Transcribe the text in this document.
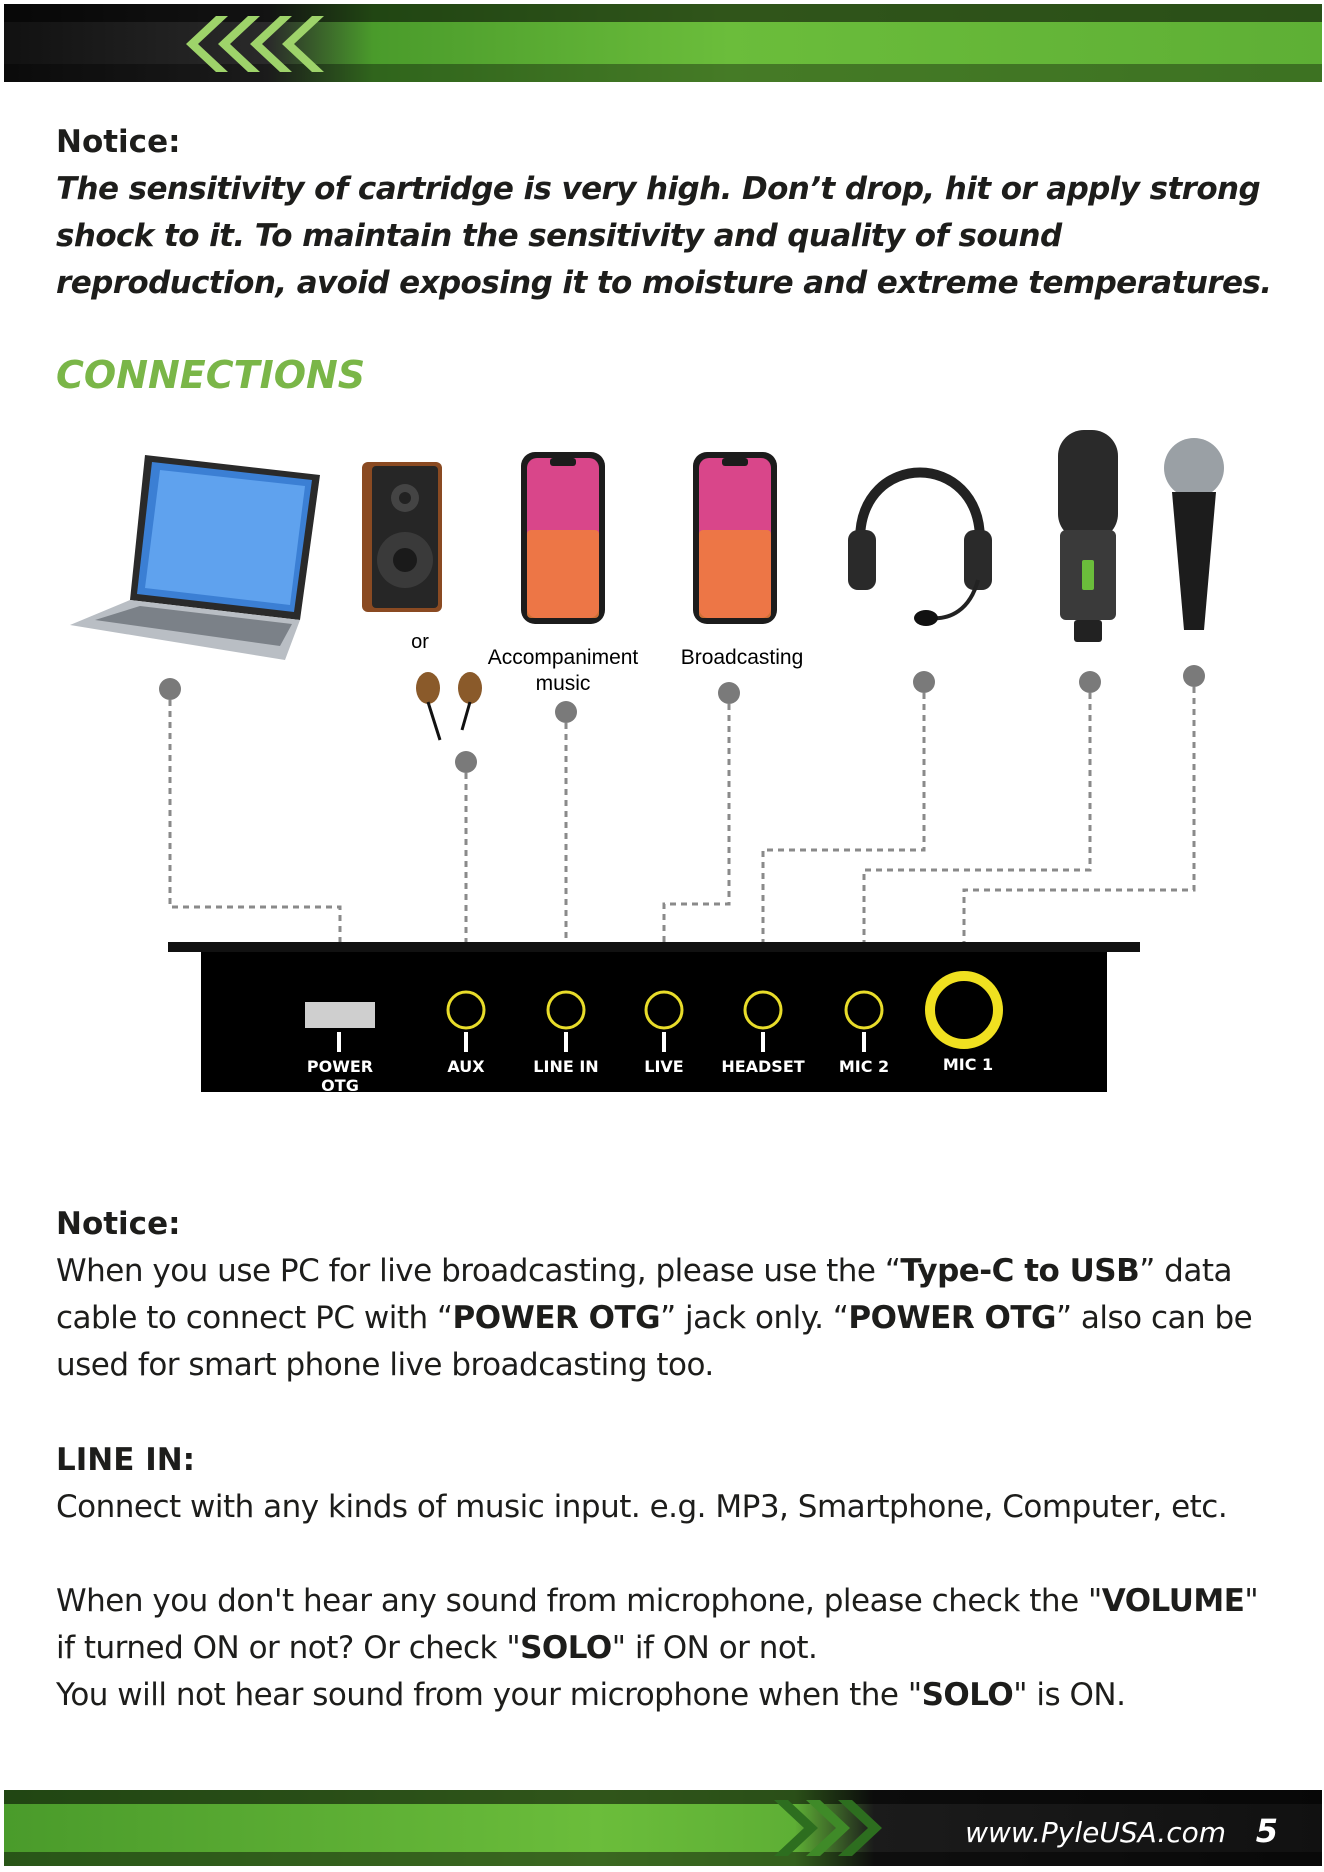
Notice:
The sensitivity of cartridge is very high. Don’t drop, hit or apply strong shock to it. To maintain the sensitivity and quality of sound reproduction, avoid exposing it to moisture and extreme temperatures.
CONNECTIONS
or
Accompaniment
music
Broadcasting
POWER
OTG
AUX	LINE IN	LIVE HEADSET MIC 2	MIC 1
Notice:
When you use PC for live broadcasting, please use the “Type-C to USB” data cable to connect PC with “POWER OTG” jack only. “POWER OTG” also can be used for smart phone live broadcasting too.
LINE IN:
Connect with any kinds of music input. e.g. MP3, Smartphone, Computer, etc.
When you don't hear any sound from microphone, please check the "VOLUME" if turned ON or not? Or check "SOLO" if ON or not.
You will not hear sound from your microphone when the "SOLO" is ON.
www.PyleUSA.com 5
